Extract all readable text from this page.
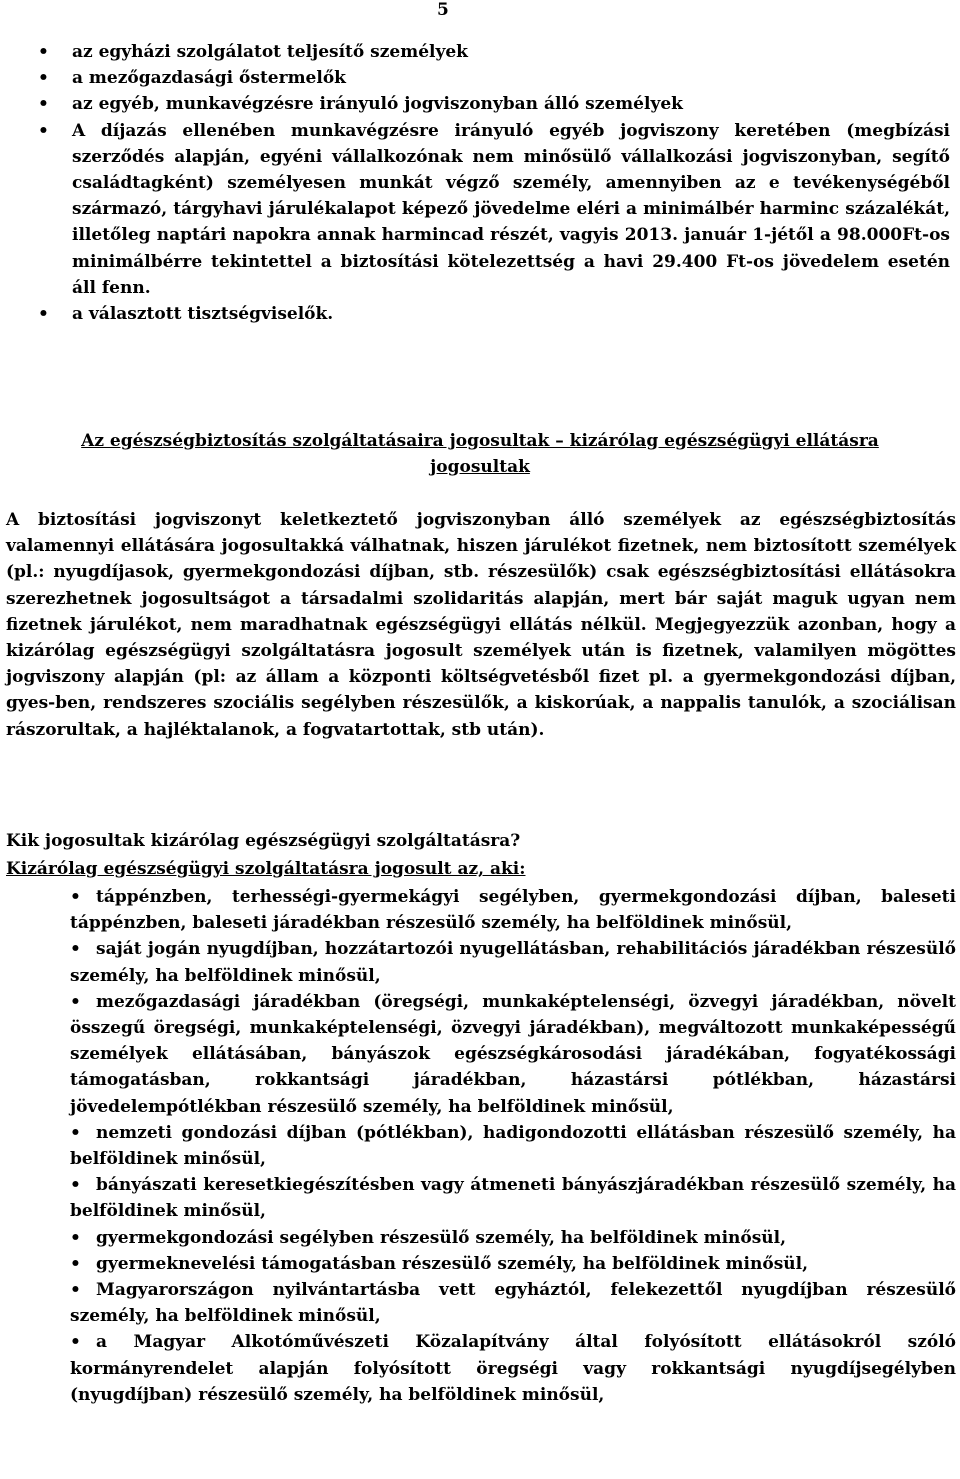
5
• az egyházi szolgálatot teljesítő személyek
• a mezőgazdasági őstermelők
• az egyéb, munkavégzésre irányuló jogviszonyban álló személyek
• A díjazás ellenében munkavégzésre irányuló egyéb jogviszony keretében (megbízási szerződés alapján, egyéni vállalkozónak nem minősülő vállalkozási jogviszonyban, segítő családtagként) személyesen munkát végző személy, amennyiben az e tevékenységéből származó, tárgyhavi járulékalapot képező jövedelme eléri a minimálbér harminc százalékát, illetőleg naptári napokra annak harmincad részét, vagyis 2013. január 1-jétől a 98.000Ft-os minimálbérre tekintettel a biztosítási kötelezettség a havi 29.400 Ft-os jövedelem esetén áll fenn.
• a választott tisztségviselők.
Az egészségbiztosítás szolgáltatásaira jogosultak – kizárólag egészségügyi ellátásra jogosultak

A biztosítási jogviszonyt keletkeztető jogviszonyban álló személyek az egészségbiztosítás valamennyi ellátására jogosultakká válhatnak, hiszen járulékot fizetnek, nem biztosított személyek (pl.: nyugdíjasok, gyermekgondozási díjban, stb. részesülők) csak egészségbiztosítási ellátásokra szerezhetnek jogosultságot a társadalmi szolidaritás alapján, mert bár saját maguk ugyan nem fizetnek járulékot, nem maradhatnak egészségügyi ellátás nélkül. Megjegyezzük azonban, hogy a kizárólag egészségügyi szolgáltatásra jogosult személyek után is fizetnek, valamilyen mögöttes jogviszony alapján (pl: az állam a központi költségvetésből fizet pl. a gyermekgondozási díjban, gyes-ben, rendszeres szociális segélyben részesülők, a kiskorúak, a nappalis tanulók, a szociálisan rászorultak, a hajléktalanok, a fogvatartottak, stb után).

Kik jogosultak kizárólag egészségügyi szolgáltatásra?

Kizárólag egészségügyi szolgáltatásra jogosult az, aki:

• táppénzben, terhességi-gyermekágyi segélyben, gyermekgondozási díjban, baleseti táppénzben, baleseti járadékban részesülő személy, ha belföldinek minősül,
• saját jogán nyugdíjban, hozzátartozói nyugellátásban, rehabilitációs járadékban részesülő személy, ha belföldinek minősül,
• mezőgazdasági járadékban (öregségi, munkaképtelenségi, özvegyi járadékban, növelt összegű öregségi, munkaképtelenségi, özvegyi járadékban), megváltozott munkaképességű személyek ellátásában, bányászok egészségkárosodási járadékában, fogyatékossági támogatásban, rokkantsági járadékban, házastársi pótlékban, házastársi jövedelempótlékban részesülő személy, ha belföldinek minősül,
• nemzeti gondozási díjban (pótlékban), hadigondozotti ellátásban részesülő személy, ha belföldinek minősül,
• bányászati keresetkiegészítésben vagy átmeneti bányászjáradékban részesülő személy, ha belföldinek minősül,
• gyermekgondozási segélyben részesülő személy, ha belföldinek minősül,
• gyermeknevelési támogatásban részesülő személy, ha belföldinek minősül,
• Magyarországon nyilvántartásba vett egyháztól, felekezettől nyugdíjban részesülő személy, ha belföldinek minősül,
• a Magyar Alkotóművészeti Közalapítvány által folyósított ellátásokról szóló kormányrendelet alapján folyósított öregségi vagy rokkantsági nyugdíjsegélyben (nyugdíjban) részesülő személy, ha belföldinek minősül,
